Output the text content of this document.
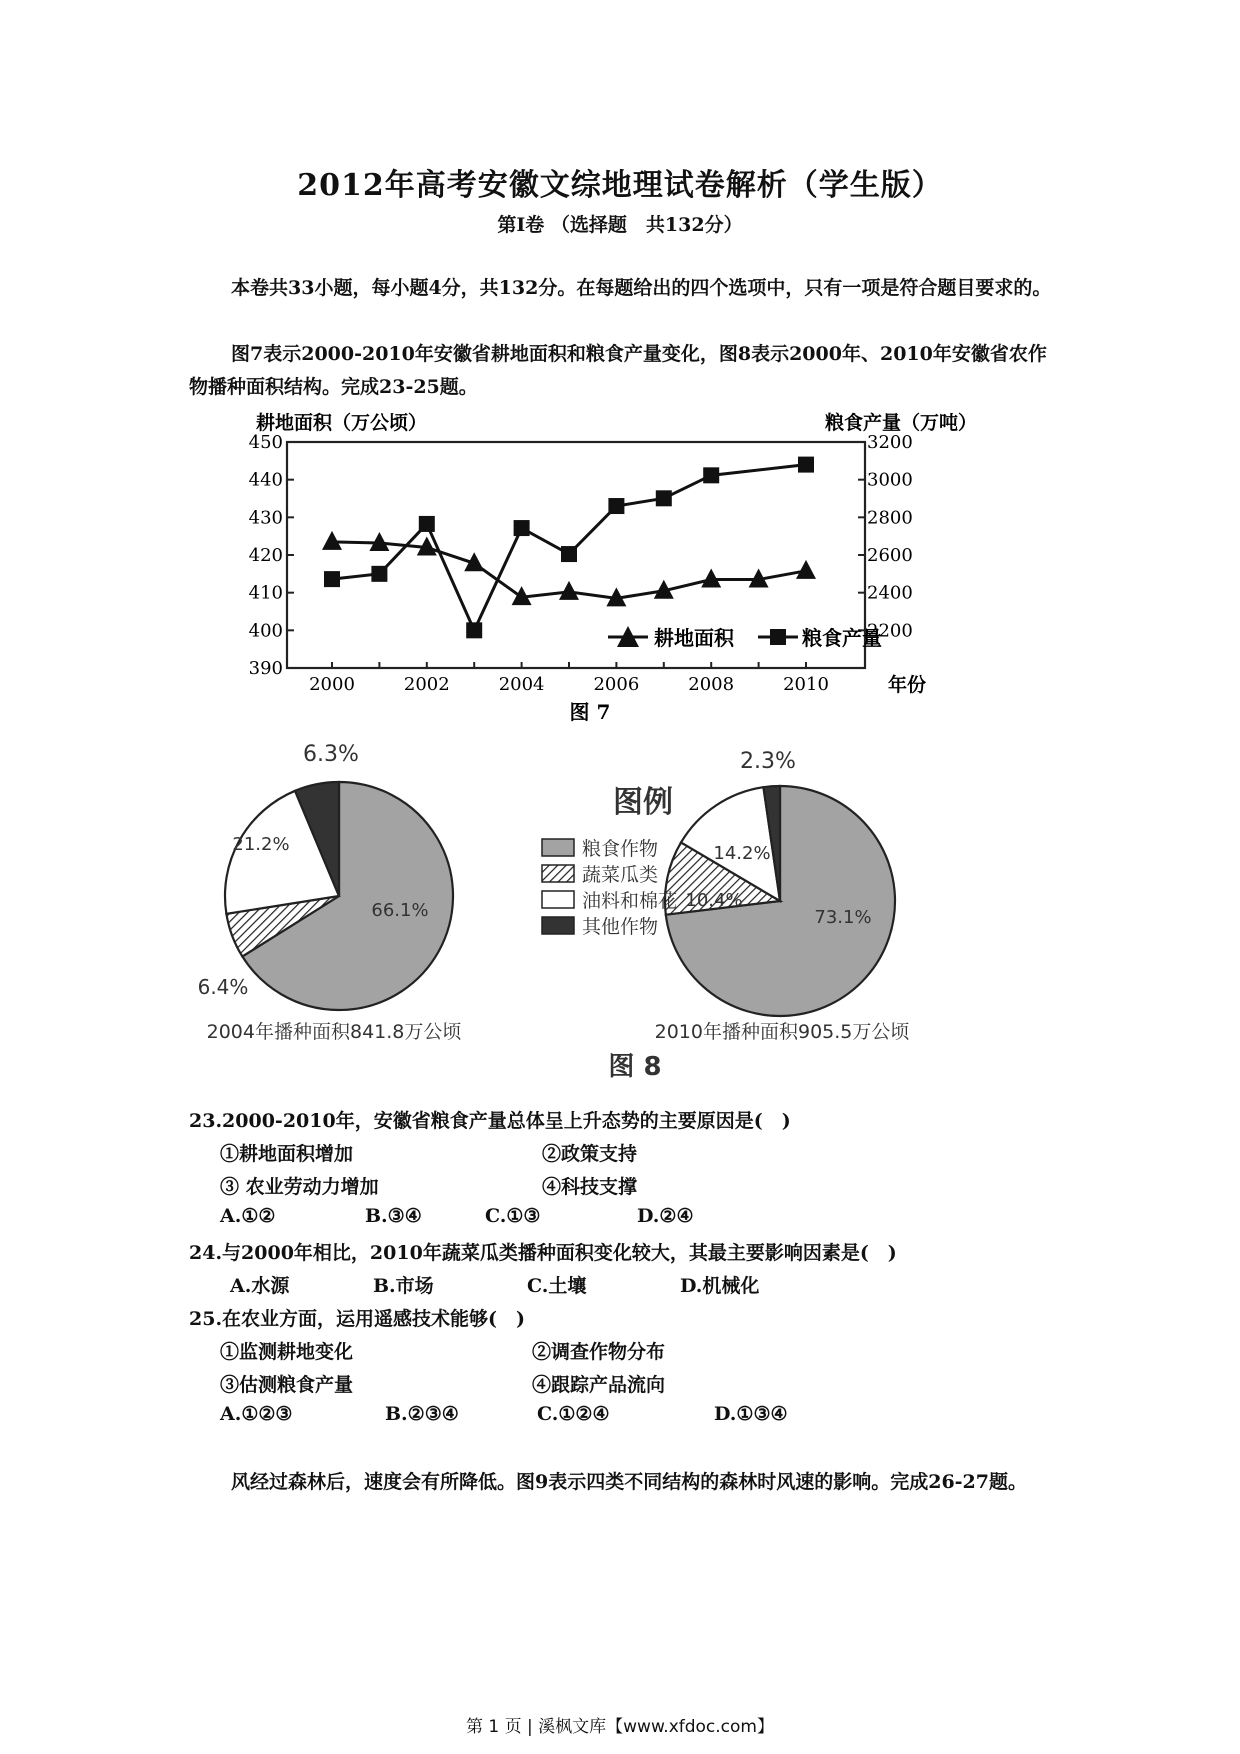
2012年高考安徽文综地理试卷解析（学生版）
第Ⅰ卷 （选择题　共132分）
本卷共33小题，每小题4分，共132分。在每题给出的四个选项中，只有一项是符合题目要求的。
图7表示2000-2010年安徽省耕地面积和粮食产量变化，图8表示2000年、2010年安徽省农作物播种面积结构。完成23-25题。
耕地面积（万公顷）	粮食产量（万吨）
450
440
430
420
410
400
390
3200
3000
2800
2600
2400
2200
2000	2002	2004	2006	2008	2010	年份
耕地面积	粮食产量
图 7
66.1%
6.4%
21.2%
6.3%
73.1%
10.4%
14.2%
2.3%
图例
粮食作物
蔬菜瓜类
油料和棉花
其他作物
2004年播种面积841.8万公顷	2010年播种面积905.5万公顷
图 8
23.2000-2010年，安徽省粮食产量总体呈上升态势的主要原因是(　)
①耕地面积增加	②政策支持
③ 农业劳动力增加	④科技支撑
A.①②	B.③④	C.①③	D.②④
24.与2000年相比，2010年蔬菜瓜类播种面积变化较大，其最主要影响因素是(　)
A.水源	B.市场	C.土壤	D.机械化
25.在农业方面，运用遥感技术能够(　)
①监测耕地变化	②调查作物分布
③估测粮食产量	④跟踪产品流向
A.①②③	B.②③④	C.①②④	D.①③④
风经过森林后，速度会有所降低。图9表示四类不同结构的森林时风速的影响。完成26-27题。
第 1 页 | 溪枫文库【www.xfdoc.com】
